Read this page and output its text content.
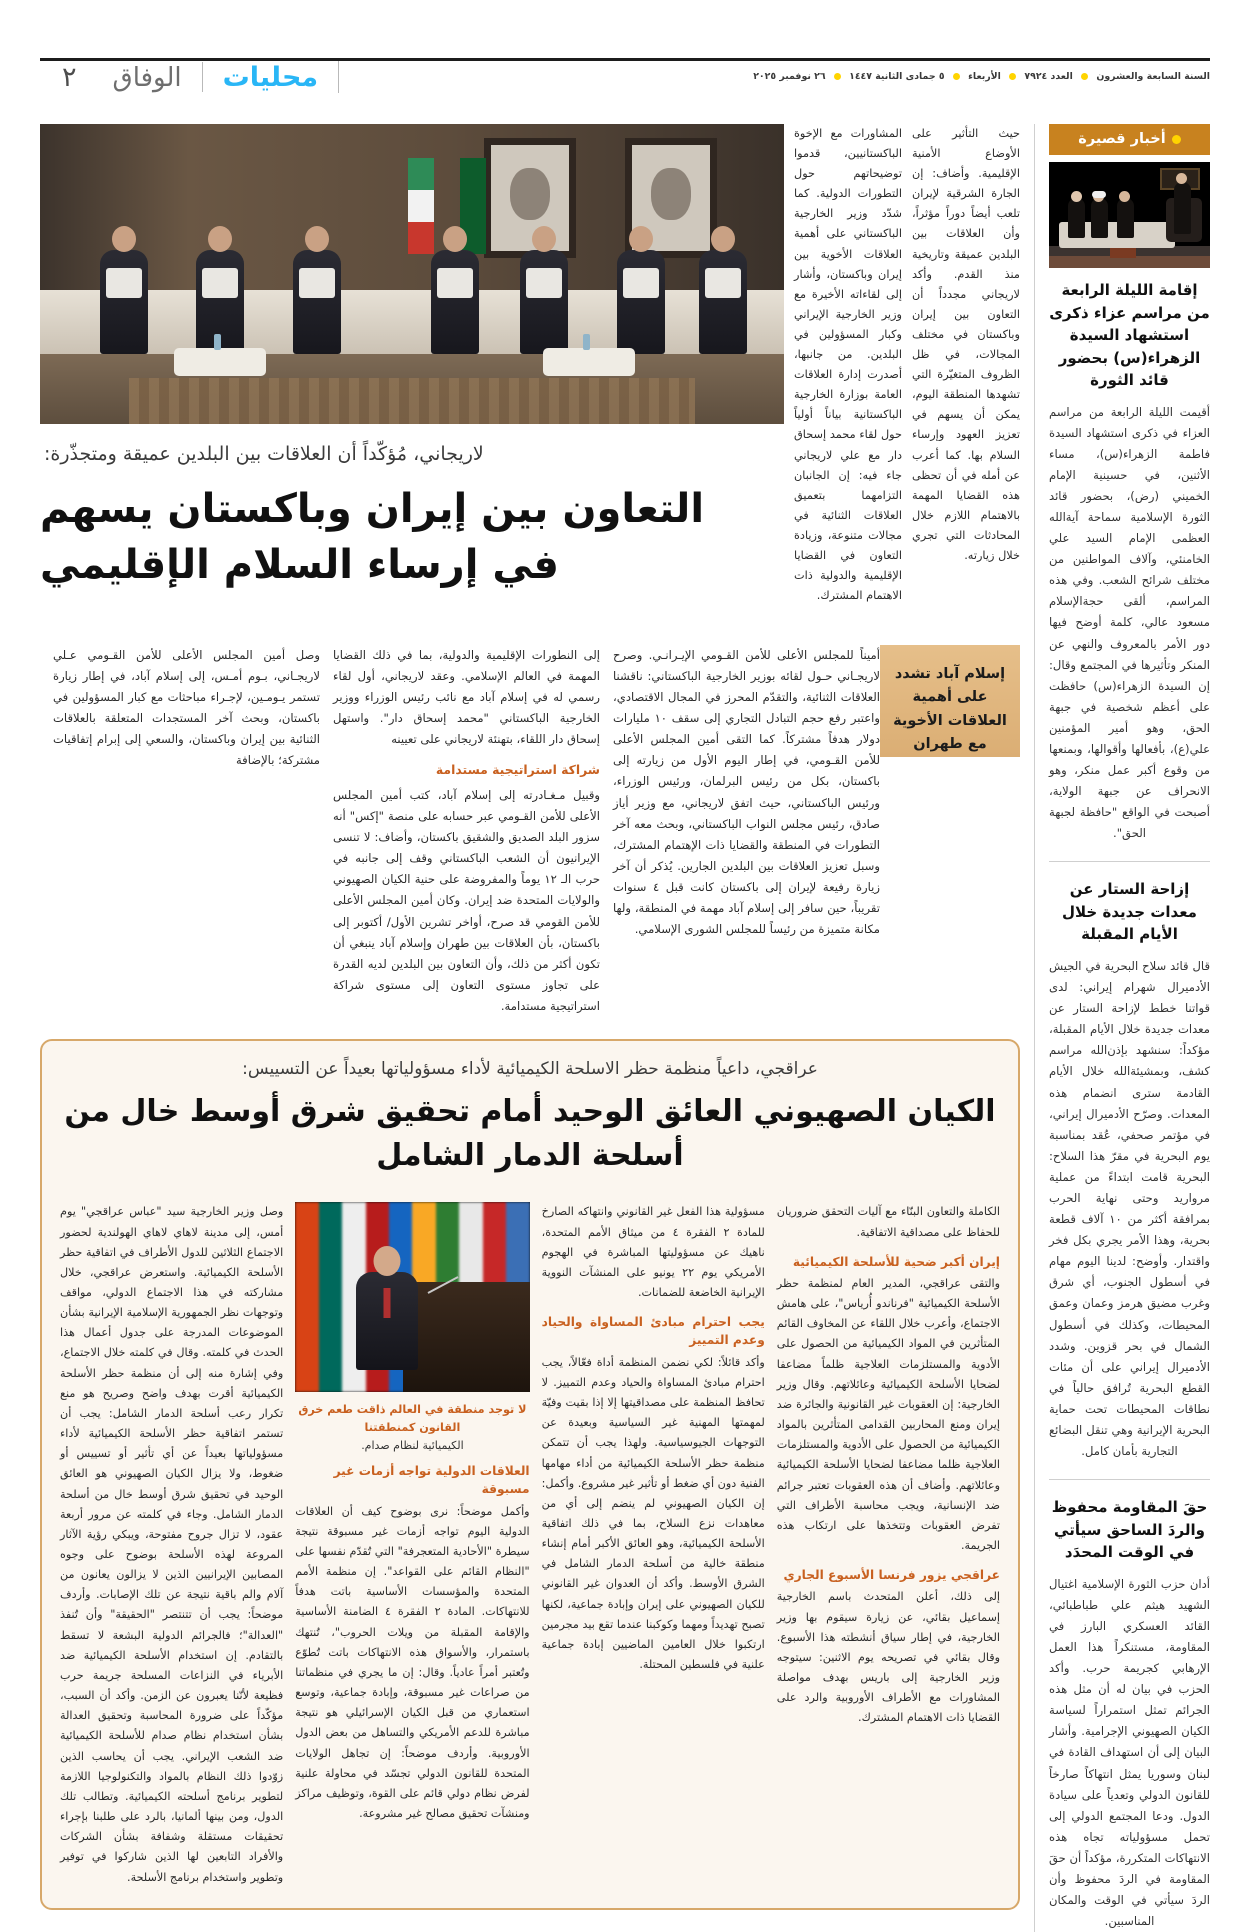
محليات
الوفاق
٢	السنة السابعة والعشرون  العدد ٧٩٢٤  الأربعاء  ٥ جمادى الثانية ١٤٤٧  ٢٦ نوفمبر ٢٠٢٥
أخبار قصيرة
إقامة الليلة الرابعة من مراسم عزاء ذكرى استشهاد السيدة الزهراء(س) بحضور قائد الثورة
أقيمت الليلة الرابعة من مراسم العزاء في ذكرى استشهاد السيدة فاطمة الزهراء(س)، مساء الأثنين، في حسينية الإمام الخميني (رض)، بحضور قائد الثورة الإسلامية سماحة آية‌الله العظمى الإمام السيد علي الخامنئي، وآلاف المواطنين من مختلف شرائح الشعب. وفي هذه المراسم، ألقى حجة‌الإسلام مسعود عالي، كلمة أوضح فيها دور الأمر بالمعروف والنهي عن المنكر وتأثيرها في المجتمع وقال: إن السيدة الزهراء(س) حافظت على أعظم شخصية في جبهة الحق، وهو أمير المؤمنين علي(ع)، بأفعالها وأقوالها، وبمنعها من وقوع أكبر عمل منكر، وهو الانحراف عن جبهة الولاية، أصبحت في الواقع "حافظة لجبهة الحق".
إزاحة الستار عن معدات جديدة خلال الأيام المقبلة
قال قائد سلاح البحرية في الجيش الأدميرال شهرام إيراني: لدى قواتنا خطط لإزاحة الستار عن معدات جديدة خلال الأيام المقبلة، مؤكداً: سنشهد بإذن‌الله مراسم كشف، وبمشيئة‌الله خلال الأيام القادمة سترى انضمام هذه المعدات. وصرّح الأدميرال إيراني، في مؤتمر صحفي، عُقد بمناسبة يوم البحرية في مقرّ هذا السلاح: البحرية قامت ابتداءً من عملية مرواريد وحتى نهاية الحرب بمرافقة أكثر من ١٠ آلاف قطعة بحرية، وهذا الأمر يجري بكل فخر واقتدار. وأوضح: لدينا اليوم مهام في أسطول الجنوب، أي شرق وغرب مضيق هرمز وعمان وعمق المحيطات، وكذلك في أسطول الشمال في بحر قزوين. وشدد الأدميرال إيراني على أن مئات القطع البحرية تُرافق حالياً في نطاقات المحيطات تحت حماية البحرية الإيرانية وهي تنقل البضائع التجارية بأمان كامل.
حقَ المقاومة محفوظ والردَ الساحق سيأتي في الوقت المحدَد
أدان حزب الثورة الإسلامية اغتيال الشهيد هيثم علي طباطبائي، القائد العسكري البارز في المقاومة، مستنكراً هذا العمل الإرهابي كجريمة حرب. وأكد الحزب في بيان له أن مثل هذه الجرائم تمثل استمراراً لسياسة الكيان الصهيوني الإجرامية. وأشار البيان إلى أن استهداف القادة في لبنان وسوريا يمثل انتهاكاً صارخاً للقانون الدولي وتعدياً على سيادة الدول. ودعا المجتمع الدولي إلى تحمل مسؤولياته تجاه هذه الانتهاكات المتكررة، مؤكداً أن حقَ المقاومة في الردَ محفوظ وأن الردَ سيأتي في الوقت والمكان المناسبين.
حيث التأثير على الأوضاع الأمنية الإقليمية. وأضاف: إن الجارة الشرقية لإيران تلعب أيضاً دوراً مؤثراً، وأن العلاقات بين البلدين عميقة وتاريخية منذ القدم. وأكد لاريجاني مجدداً أن التعاون بين إيران وباكستان في مختلف المجالات، في ظل الظروف المتغيّرة التي تشهدها المنطقة اليوم، يمكن أن يسهم في تعزيز العهود وإرساء السلام بها. كما أعرب عن أمله في أن تحظى هذه القضايا المهمة بالاهتمام اللازم خلال المحادثات التي تجري خلال زيارته.
المشاورات مع الإخوة الباكستانيين، قدموا توضيحاتهم حول التطورات الدولية. كما شدّد وزير الخارجية الباكستاني على أهمية العلاقات الأخوية بين إيران وباكستان، وأشار إلى لقاءاته الأخيرة مع وزير الخارجية الإيراني وكبار المسؤولين في البلدين. من جانبها، أصدرت إدارة العلاقات العامة بوزارة الخارجية الباكستانية بياناً أولياً حول لقاء محمد إسحاق دار مع علي لاريجاني جاء فيه: إن الجانبان التزامهما بتعميق العلاقات الثنائية في مجالات متنوعة، وزيادة التعاون في القضايا الإقليمية والدولية ذات الاهتمام المشترك.
لاريجاني، مُؤكّداً أن العلاقات بين البلدين عميقة ومتجذّرة:
التعاون بين إيران وباكستان يسهم
في إرساء السلام الإقليمي
إسلام آباد تشدد على أهمية العلاقات الأخوية مع طهران
أميناً للمجلس الأعلى للأمن القـومي الإيـرانـي. وصرح لاريجـاني حـول لقائه بوزير الخارجية الباكستاني: ناقشنا العلاقات الثنائية، والتقدّم المحرز في المجال الاقتصادي، واعتبر رفع حجم التبادل التجاري إلى سقف ١٠ مليارات دولار هدفاً مشتركاً. كما التقى أمين المجلس الأعلى للأمن القـومي، في إطار اليوم الأول من زيارته إلى باكستان، بكل من رئيس البرلمان، ورئيس الوزراء، ورئيس الباكستاني، حيث اتفق لاريجاني، مع وزير أياز صادق، رئيس مجلس النواب الباكستاني، وبحث معه آخر التطورات في المنطقة والقضايا ذات الإهتمام المشترك، وسبل تعزيز العلاقات بين البلدين الجارين. يُذكر أن آخر زيارة رفيعة لإيران إلى باكستان كانت قبل ٤ سنوات تقريباً، حين سافر إلى إسلام آباد مهمة في المنطقة، ولها مكانة متميزة من رئيساً للمجلس الشورى الإسلامي.
إلى النطورات الإقليمية والدولية، بما في ذلك القضايا المهمة في العالم الإسلامي. وعقد لاريجاني، أول لقاء رسمي له في إسلام آباد مع نائب رئيس الوزراء ووزير الخارجية الباكستاني "محمد إسحاق دار". واستهل إسحاق دار اللقاء، بتهنئة لاريجاني على تعيينه
شراكة استراتيجية مستدامة
وقبيل مـغـادرته إلى إسلام آباد، كتب أمين المجلس الأعلى للأمن القـومي عبر حسابه على منصة "إكس" أنه سزور البلد الصديق والشقيق باكستان، وأضاف: لا تنسى الإيرانيون أن الشعب الباكستاني وقف إلى جانبه في حرب الـ ١٢ يوماً والمفروضة على حنية الكيان الصهيوني والولايات المتحدة ضد إيران. وكان أمين المجلس الأعلى للأمن القومي قد صرح، أواخر تشرين الأول/ أكتوبر إلى باكستان، بأن العلاقات بين طهران وإسلام آباد ينبغي أن تكون أكثر من ذلك، وأن التعاون بين البلدين لديه القدرة على تجاوز مستوى التعاون إلى مستوى شراكة استراتيجية مستدامة.
وصل أمين المجلس الأعلى للأمن القـومي عـلي لاريجـاني، بـوم أمـس، إلى إسلام آباد، في إطار زيارة تستمر يـومـين، لإجـراء مباحثات مع كبار المسؤولين في باكستان، وبحث آخر المستجدات المتعلقة بالعلاقات الثنائية بين إيران وباكستان، والسعي إلى إبرام إتفاقيات مشتركة؛ بالإضافة
عراقجي، داعياً منظمة حظر الاسلحة الكيميائية لأداء مسؤولياتها بعيداً عن التسييس:
الكيان الصهيوني العائق الوحيد أمام تحقيق شرق أوسط خال من أسلحة الدمار الشامل
الكاملة والتعاون البنّاء مع آليات التحقق ضروريان للحفاظ على مصداقية الاتفاقية.
إيران أكبر ضحية للأسلحة الكيميائية
والتقى عراقجي، المدير العام لمنظمة حظر الأسلحة الكيميائية "فرناندو أُرياس"، على هامش الاجتماع، وأعرب خلال اللقاء عن المخاوف القائم المتأثرين في المواد الكيميائية من الحصول على الأدوية والمستلزمات العلاجية ظلماً مضاعفا لضحايا الأسلحة الكيميائية وعائلاتهم. وقال وزير الخارجية: إن العقوبات غير القانونية والجائرة ضد إيران ومنع المحاربين القدامى المتأثرين بالمواد الكيميائية من الحصول على الأدوية والمستلزمات العلاجية ظلما مضاعفا لضحايا الأسلحة الكيميائية وعائلاتهم. وأضاف أن هذه العقوبات تعتبر جرائم ضد الإنسانية، ويجب محاسبة الأطراف التي تفرض العقوبات وتتخذها على ارتكاب هذه الجريمة.
عراقجي يزور فرنسا الأسبوع الجاري
إلى ذلك، أعلن المتحدث باسم الخارجية إسماعيل بقائي، عن زيارة سيقوم بها وزير الخارجية، في إطار سياق أنشطته هذا الأسبوع. وقال بقائي في تصريحه يوم الاثنين: سيتوجه وزير الخارجية إلى باريس بهدف مواصلة المشاورات مع الأطراف الأوروبية والرد على القضايا ذات الاهتمام المشترك.
مسؤولية هذا الفعل غير القانوني وانتهاكه الصارخ للمادة ٢ الفقرة ٤ من ميثاق الأمم المتحدة، ناهيك عن مسؤوليتها المباشرة في الهجوم الأمريكي يوم ٢٢ يونيو على المنشآت النووية الإيرانية الخاضعة للضمانات.
يجب احترام مبادئ المساواة والحياد وعدم التمييز
وأكد قائلاً: لكي نضمن المنظمة أداة فعّالاً، يجب احترام مبادئ المساواة والحياد وعدم التمييز. لا تحافظ المنظمة على مصداقيتها إلا إذا بقيت وفيّة لمهمتها المهنية غير السياسية وبعيدة عن التوجهات الجيوسياسية. ولهذا يجب أن تتمكن منظمة حظر الأسلحة الكيميائية من أداء مهامها الفنية دون أي ضغط أو تأثير غير مشروع. وأكمل: إن الكيان الصهيوني لم ينضم إلى أي من معاهدات نزع السلاح، بما في ذلك اتفاقية الأسلحة الكيميائية، وهو العائق الأكبر أمام إنشاء منطقة خالية من أسلحة الدمار الشامل في الشرق الأوسط. وأكد أن العدوان غير القانوني للكيان الصهيوني على إيران وإبادة جماعية، لكنها تصبح تهديداً ومهما وكوكبنا عندما تقع بيد مجرمين ارتكبوا خلال العامين الماضيين إبادة جماعية علنية في فلسطين المحتلة.
لا توجد منطقة في العالم ذاقت طعم خرق القانون كمنطقتنا
الكيميائية لنظام صدام.
العلاقات الدولية تواجه أزمات غير مسبوقة
وأكمل موضحاً: نرى بوضوح كيف أن العلاقات الدولية اليوم تواجه أزمات غير مسبوقة نتيجة سيطرة "الأحادية المتعجرفة" التي تُقدّم نفسها على "النظام القائم على القواعد". إن منظمة الأمم المتحدة والمؤسسات الأساسية باتت هدفاً للانتهاكات. المادة ٢ الفقرة ٤ الضامنة الأساسية والإقامة المقبلة من ويلات الحروب"، تُنتهك باستمرار، والأسواق هذه الانتهاكات باتت تُطوّع وتُعتبر أمراً عادياً. وقال: إن ما يجري في منظماتنا من صراعات غير مسبوقة، وإبادة جماعية، وتوسع استعماري من قبل الكيان الإسرائيلي هو نتيجة مباشرة للدعم الأمريكي والتساهل من بعض الدول الأوروبية. وأردف موضحاً: إن تجاهل الولايات المتحدة للقانون الدولي تجسّد في محاولة علنية لفرض نظام دولي قائم على القوة، وتوظيف مراكز ومنشآت تحقيق مصالح غير مشروعة.
وصل وزير الخارجية سيد "عباس عراقجي" يوم أمس، إلى مدينة لاهاي لاهاي الهولندية لحضور الاجتماع الثلاثين للدول الأطراف في اتفاقية حظر الأسلحة الكيميائية. واستعرض عراقجي، خلال مشاركته في هذا الاجتماع الدولي، مواقف وتوجهات نظر الجمهورية الإسلامية الإيرانية بشأن الموضوعات المدرجة على جدول أعمال هذا الحدث في كلمته. وقال في كلمته خلال الاجتماع، وفي إشارة منه إلى أن منظمة حظر الأسلحة الكيميائية أقرت بهدف واضح وصريح هو منع تكرار رعب أسلحة الدمار الشامل: يجب أن تستمر اتفاقية حظر الأسلحة الكيميائية لأداء مسؤولياتها بعيداً عن أي تأثير أو تسييس أو ضغوط، ولا يزال الكيان الصهيوني هو العائق الوحيد في تحقيق شرق أوسط خال من أسلحة الدمار الشامل. وجاء في كلمته عن مرور أربعة عقود، لا تزال جروح مفتوحة، ويبكي رؤية الآثار المروعة لهذه الأسلحة بوضوح على وجوه المصابين الإيرانيين الذين لا يزالون يعانون من آلام والم باقية نتيجة عن تلك الإصابات. وأردف موضحاً: يجب أن تتنتصر "الحقيقة" وأن تُنفذ "العدالة"؛ فالجرائم الدولية البشعة لا تسقط بالتقادم. إن استخدام الأسلحة الكيميائية ضد الأبرياء في النزاعات المسلحة جريمة حرب فظيعة لأنّنا يعبرون عن الزمن. وأكد أن السبب، مؤكّداً على ضرورة المحاسبة وتحقيق العدالة بشأن استخدام نظام صدام للأسلحة الكيميائية ضد الشعب الإيراني. يجب أن يحاسب الذين زوّدوا ذلك النظام بالمواد والتكنولوجيا اللازمة لتطوير برنامج أسلحته الكيميائية. وتطالب تلك الدول، ومن بينها ألمانيا، بالرد على طلبنا بإجراء تحقيقات مستقلة وشفافة بشأن الشركات والأفراد التابعين لها الذين شاركوا في توفير وتطوير واستخدام برنامج الأسلحة.
